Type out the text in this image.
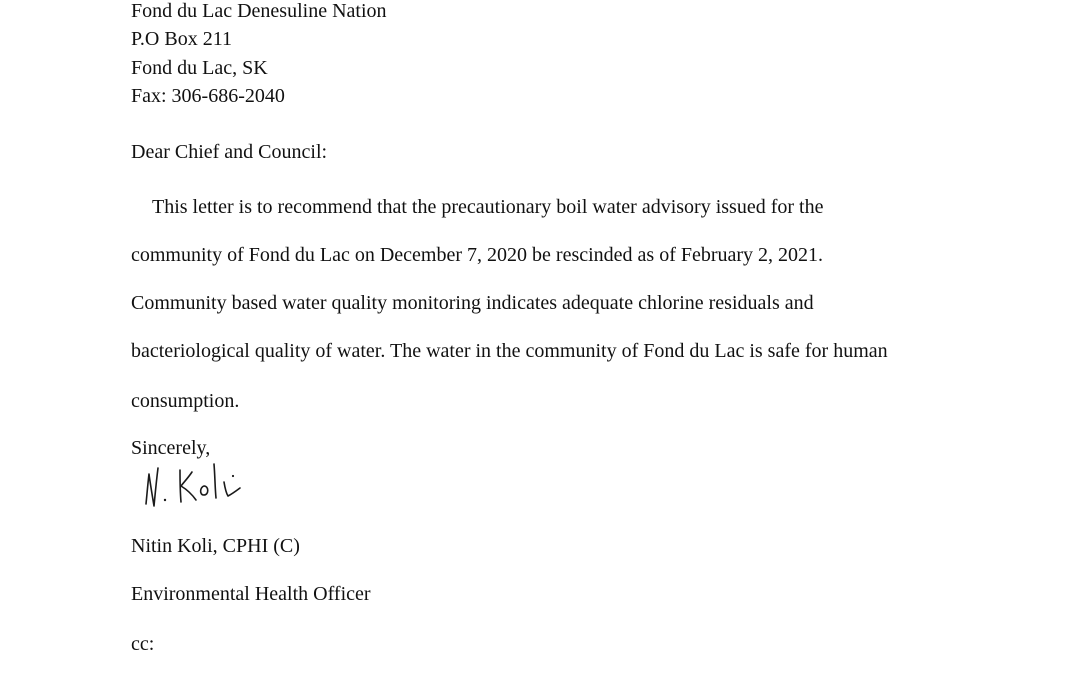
Fond du Lac Denesuline Nation
P.O Box 211
Fond du Lac, SK
Fax: 306-686-2040
Dear Chief and Council:
This letter is to recommend that the precautionary boil water advisory issued for the
community of Fond du Lac on December 7, 2020 be rescinded as of February 2, 2021.
Community based water quality monitoring indicates adequate chlorine residuals and
bacteriological quality of water. The water in the community of Fond du Lac is safe for human
consumption.
Sincerely,
Nitin Koli, CPHI (C)
Environmental Health Officer
cc:
